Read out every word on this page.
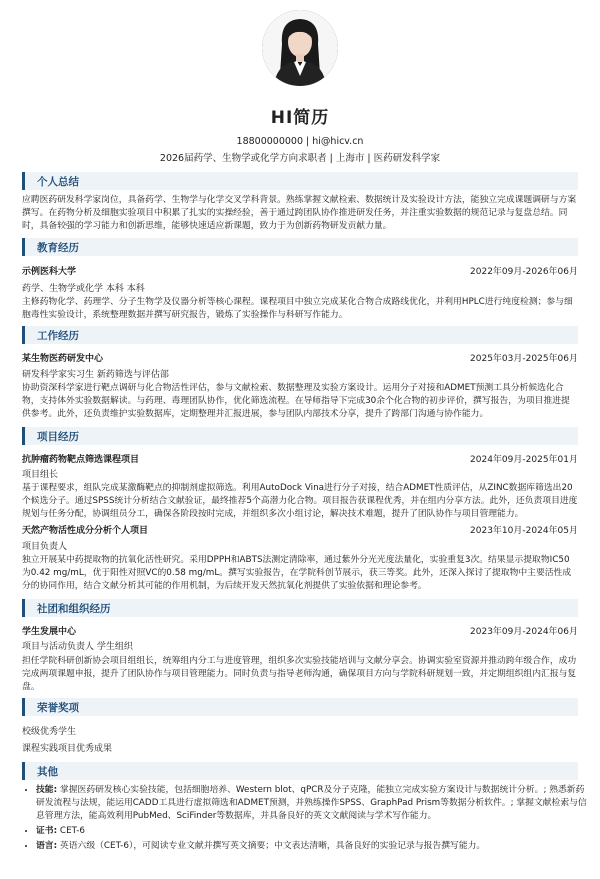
HI简历
18800000000 | hi@hicv.cn
2026届药学、生物学或化学方向求职者 | 上海市 | 医药研发科学家
个人总结
应聘医药研发科学家岗位，具备药学、生物学与化学交叉学科背景。熟练掌握文献检索、数据统计及实验设计方法，能独立完成课题调研与方案撰写。在药物分析及细胞实验项目中积累了扎实的实操经验，善于通过跨团队协作推进研发任务，并注重实验数据的规范记录与复盘总结。同时，具备较强的学习能力和创新思维，能够快速适应新课题，致力于为创新药物研发贡献力量。
教育经历
示例医科大学	2022年09月-2026年06月
药学、生物学或化学 本科 本科
主修药物化学、药理学、分子生物学及仪器分析等核心课程。课程项目中独立完成某化合物合成路线优化，并利用HPLC进行纯度检测；参与细胞毒性实验设计，系统整理数据并撰写研究报告，锻炼了实验操作与科研写作能力。
工作经历
某生物医药研发中心	2025年03月-2025年06月
研发科学家实习生 新药筛选与评估部
协助资深科学家进行靶点调研与化合物活性评估，参与文献检索、数据整理及实验方案设计。运用分子对接和ADMET预测工具分析候选化合物，支持体外实验数据解读。与药理、毒理团队协作，优化筛选流程。在导师指导下完成30余个化合物的初步评价，撰写报告，为项目推进提供参考。此外，还负责维护实验数据库，定期整理并汇报进展，参与团队内部技术分享，提升了跨部门沟通与协作能力。
项目经历
抗肿瘤药物靶点筛选课程项目	2024年09月-2025年01月
项目组长
基于课程要求，组队完成某激酶靶点的抑制剂虚拟筛选。利用AutoDock Vina进行分子对接，结合ADMET性质评估，从ZINC数据库筛选出20个候选分子。通过SPSS统计分析结合文献验证，最终推荐5个高潜力化合物。项目报告获课程优秀，并在组内分享方法。此外，还负责项目进度规划与任务分配，协调组员分工，确保各阶段按时完成，并组织多次小组讨论，解决技术难题，提升了团队协作与项目管理能力。
天然产物活性成分分析个人项目	2023年10月-2024年05月
项目负责人
独立开展某中药提取物的抗氧化活性研究。采用DPPH和ABTS法测定清除率，通过紫外分光光度法量化，实验重复3次。结果显示提取物IC50为0.42 mg/mL，优于阳性对照VC的0.58 mg/mL。撰写实验报告，在学院科创节展示，获三等奖。此外，还深入探讨了提取物中主要活性成分的协同作用，结合文献分析其可能的作用机制，为后续开发天然抗氧化剂提供了实验依据和理论参考。
社团和组织经历
学生发展中心	2023年09月-2024年06月
项目与活动负责人 学生组织
担任学院科研创新协会项目组组长，统筹组内分工与进度管理，组织多次实验技能培训与文献分享会。协调实验室资源并推动跨年级合作，成功完成两项课题申报，提升了团队协作与项目管理能力。同时负责与指导老师沟通，确保项目方向与学院科研规划一致，并定期组织组内汇报与复盘。
荣誉奖项
校级优秀学生
课程实践项目优秀成果
其他
• 技能: 掌握医药研发核心实验技能，包括细胞培养、Western blot、qPCR及分子克隆，能独立完成实验方案设计与数据统计分析。; 熟悉新药研发流程与法规，能运用CADD工具进行虚拟筛选和ADMET预测，并熟练操作SPSS、GraphPad Prism等数据分析软件。; 掌握文献检索与信息管理方法，能高效利用PubMed、SciFinder等数据库，并具备良好的英文文献阅读与学术写作能力。
• 证书: CET-6
• 语言: 英语六级（CET-6），可阅读专业文献并撰写英文摘要；中文表达清晰，具备良好的实验记录与报告撰写能力。
